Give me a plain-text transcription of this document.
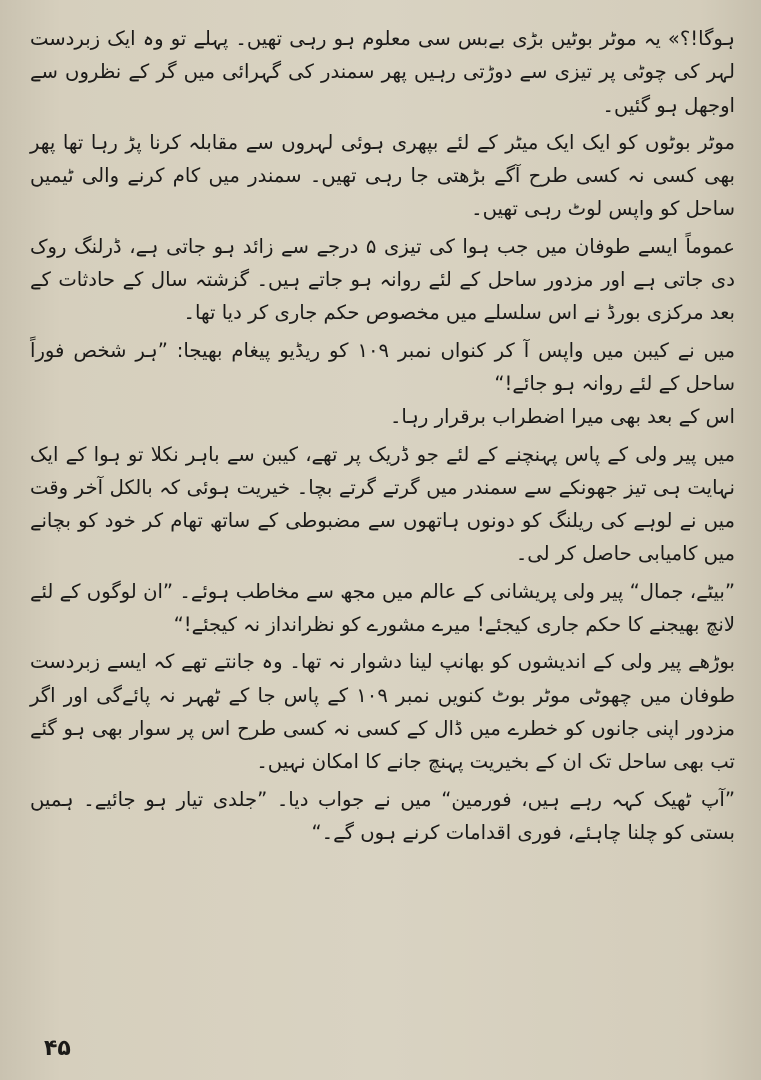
ہوگا!؟» یہ موٹر بوٹیں بڑی بےبس سی معلوم ہو رہی تھیں۔ پہلے تو وہ ایک زبردست لہر کی چوٹی پر تیزی سے دوڑتی رہیں پھر سمندر کی گہرائی میں گر کے نظروں سے اوجھل ہو گئیں۔

موٹر بوٹوں کو ایک ایک میٹر کے لئے بپھری ہوئی لہروں سے مقابلہ کرنا پڑ رہا تھا پھر بھی کسی نہ کسی طرح آگے بڑھتی جا رہی تھیں۔ سمندر میں کام کرنے والی ٹیمیں ساحل کو واپس لوٹ رہی تھیں۔

عموماً ایسے طوفان میں جب ہوا کی تیزی ۵ درجے سے زائد ہو جاتی ہے، ڈرلنگ روک دی جاتی ہے اور مزدور ساحل کے لئے روانہ ہو جاتے ہیں۔ گزشتہ سال کے حادثات کے بعد مرکزی بورڈ نے اس سلسلے میں مخصوص حکم جاری کر دیا تھا۔

میں نے کیبن میں واپس آ کر کنواں نمبر ۱۰۹ کو ریڈیو پیغام بھیجا: ”ہر شخص فوراً ساحل کے لئے روانہ ہو جائے!“

اس کے بعد بھی میرا اضطراب برقرار رہا۔

میں پیر ولی کے پاس پہنچنے کے لئے جو ڈریک پر تھے، کیبن سے باہر نکلا تو ہوا کے ایک نہایت ہی تیز جھونکے سے سمندر میں گرتے گرتے بچا۔ خیریت ہوئی کہ بالکل آخر وقت میں نے لوہے کی ریلنگ کو دونوں ہاتھوں سے مضبوطی کے ساتھ تھام کر خود کو بچانے میں کامیابی حاصل کر لی۔

”بیٹے، جمال“ پیر ولی پریشانی کے عالم میں مجھ سے مخاطب ہوئے۔ ”ان لوگوں کے لئے لانچ بھیجنے کا حکم جاری کیجئے! میرے مشورے کو نظرانداز نہ کیجئے!“

بوڑھے پیر ولی کے اندیشوں کو بھانپ لینا دشوار نہ تھا۔ وہ جانتے تھے کہ ایسے زبردست طوفان میں چھوٹی موٹر بوٹ کنویں نمبر ۱۰۹ کے پاس جا کے ٹھہر نہ پائےگی اور اگر مزدور اپنی جانوں کو خطرے میں ڈال کے کسی نہ کسی طرح اس پر سوار بھی ہو گئے تب بھی ساحل تک ان کے بخیریت پہنچ جانے کا امکان نہیں۔

”آپ ٹھیک کہہ رہے ہیں، فورمین“ میں نے جواب دیا۔ ”جلدی تیار ہو جائیے۔ ہمیں بستی کو چلنا چاہئے، فوری اقدامات کرنے ہوں گے۔“

۴۵
